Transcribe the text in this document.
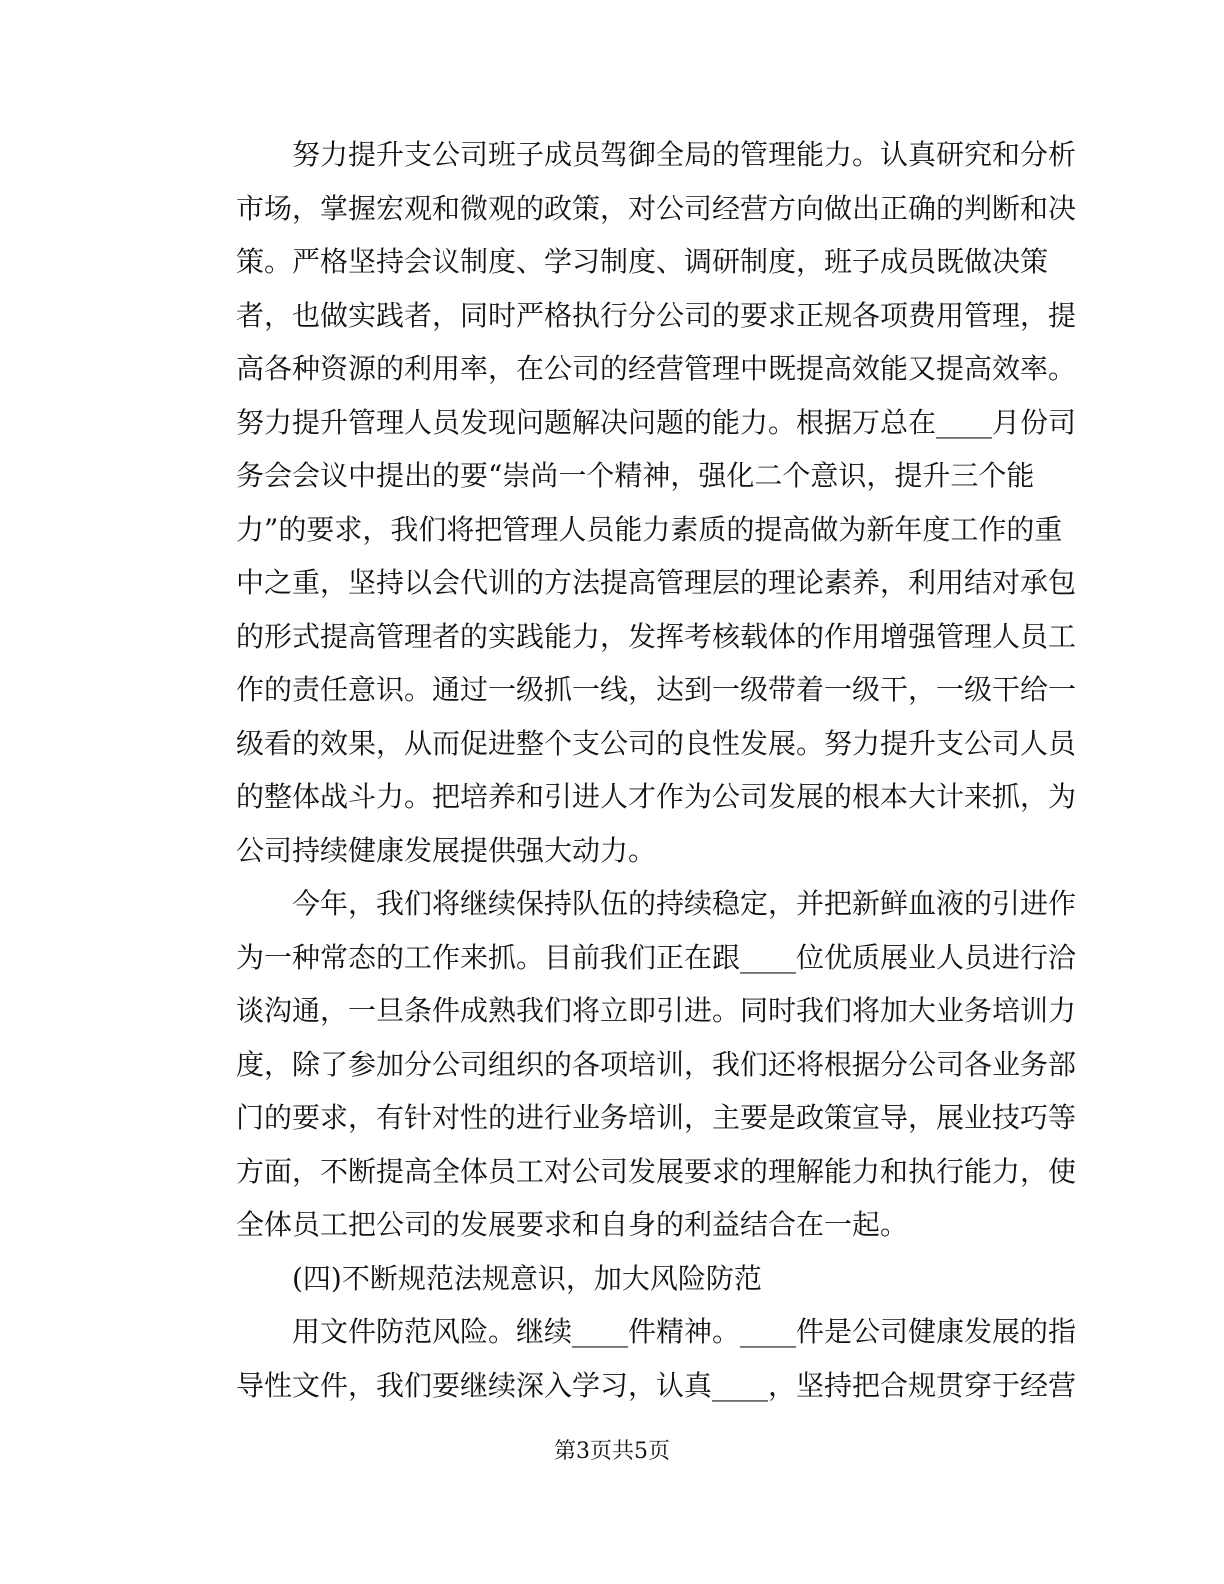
努力提升支公司班子成员驾御全局的管理能力。认真研究和分析
市场，掌握宏观和微观的政策，对公司经营方向做出正确的判断和决
策。严格坚持会议制度、学习制度、调研制度，班子成员既做决策
者，也做实践者，同时严格执行分公司的要求正规各项费用管理，提
高各种资源的利用率，在公司的经营管理中既提高效能又提高效率。
努力提升管理人员发现问题解决问题的能力。根据万总在____月份司
务会会议中提出的要“崇尚一个精神，强化二个意识，提升三个能
力”的要求，我们将把管理人员能力素质的提高做为新年度工作的重
中之重，坚持以会代训的方法提高管理层的理论素养，利用结对承包
的形式提高管理者的实践能力，发挥考核载体的作用增强管理人员工
作的责任意识。通过一级抓一线，达到一级带着一级干，一级干给一
级看的效果，从而促进整个支公司的良性发展。努力提升支公司人员
的整体战斗力。把培养和引进人才作为公司发展的根本大计来抓，为
公司持续健康发展提供强大动力。
今年，我们将继续保持队伍的持续稳定，并把新鲜血液的引进作
为一种常态的工作来抓。目前我们正在跟____位优质展业人员进行洽
谈沟通，一旦条件成熟我们将立即引进。同时我们将加大业务培训力
度，除了参加分公司组织的各项培训，我们还将根据分公司各业务部
门的要求，有针对性的进行业务培训，主要是政策宣导，展业技巧等
方面，不断提高全体员工对公司发展要求的理解能力和执行能力，使
全体员工把公司的发展要求和自身的利益结合在一起。
(四)不断规范法规意识，加大风险防范
用文件防范风险。继续____件精神。____件是公司健康发展的指
导性文件，我们要继续深入学习，认真____，坚持把合规贯穿于经营
第3页共5页
